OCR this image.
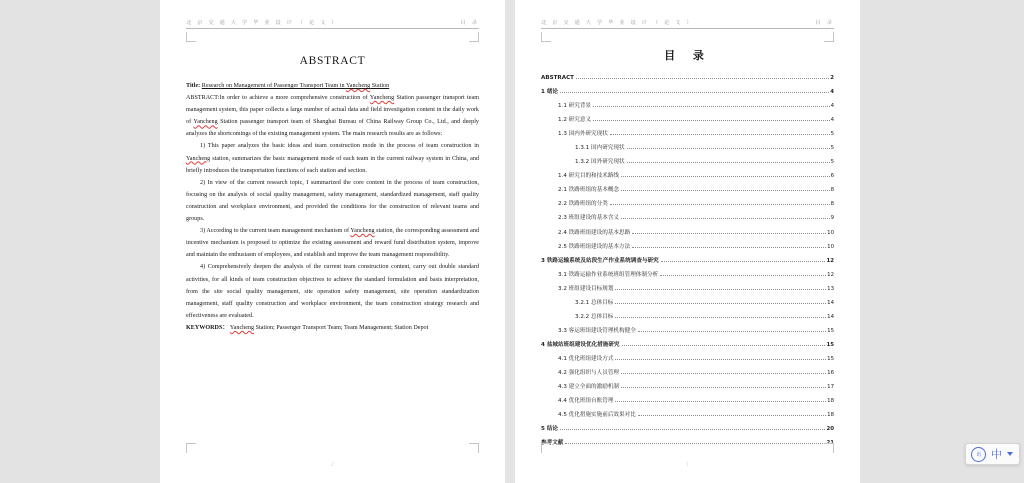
北 京 交 通 大 学 毕 业 设 计 （ 论 文 ）	目 录
ABSTRACT

Title: Research on Management of Passenger Transport Team in Yancheng Station

ABSTRACT:In order to achieve a more comprehensive construction of Yancheng Station passenger transport team management system, this paper collects a large number of actual data and field investigation content in the daily work of Yancheng Station passenger transport team of Shanghai Bureau of China Railway Group Co., Ltd., and deeply analyzes the shortcomings of the existing management system. The main research results are as follows:

1) This paper analyzes the basic ideas and team construction mode in the process of team construction in Yancheng station, summarizes the basic management mode of each team in the current railway system in China, and briefly introduces the transportation functions of each station and section.

2) In view of the current research topic, I summarized the core content in the process of team construction, focusing on the analysis of social quality management, safety management, standardized management, staff quality construction and workplace environment, and provided the conditions for the construction of relevant teams and groups.

3) According to the current team management mechanism of Yancheng station, the corresponding assessment and incentive mechanism is proposed to optimize the existing assessment and reward fund distribution system, improve and maintain the enthusiasm of employees, and establish and improve the team management responsibility.

4) Comprehensively deepen the analysis of the current team construction content, carry out double standard activities, for all kinds of team construction objectives to achieve the standard formulation and basis interpretation, from the site social quality management, site operation safety management, site operation standardization management, staff quality construction and workplace environment, the team construction strategy research and effectiveness are evaluated.

KEYWORDS： Yancheng Station; Passenger Transport Team; Team Management; Station Depot

2
北 京 交 通 大 学 毕 业 设 计 （ 论 文 ）	目 录
目 录
ABSTRACT	2
1 绪论	4
1.1 研究背景	4
1.2 研究意义	4
1.3 国内外研究现状	5
1.3.1 国内研究现状	5
1.3.2 国外研究现状	5
1.4 研究目的和技术路线	6
2.1 铁路班组的基本概念	8
2.2 铁路班组的分类	8
2.3 班组建设的基本含义	9
2.4 铁路班组建设的基本思路	10
2.5 铁路班组建设的基本方法	10
3 铁路运输系统及站段生产作业系统调查与研究	12
3.1 铁路运输作业系统班组管理体制分析	12
3.2 班组建设目标规划	13
3.2.1 总体目标	14
3.2.2 总体目标	14
3.3 客运班组建设管理机构健全	15
4 盐城站班组建设优化措施研究	15
4.1 优化班组建设方式	15
4.2 强化组织与人员管理	16
4.3 建立全面的激励机制	17
4.4 优化班组台账管理	18
4.5 优化措施实施前后效果对比	18
5 结论	20
参考文献	21
1
讯 中
